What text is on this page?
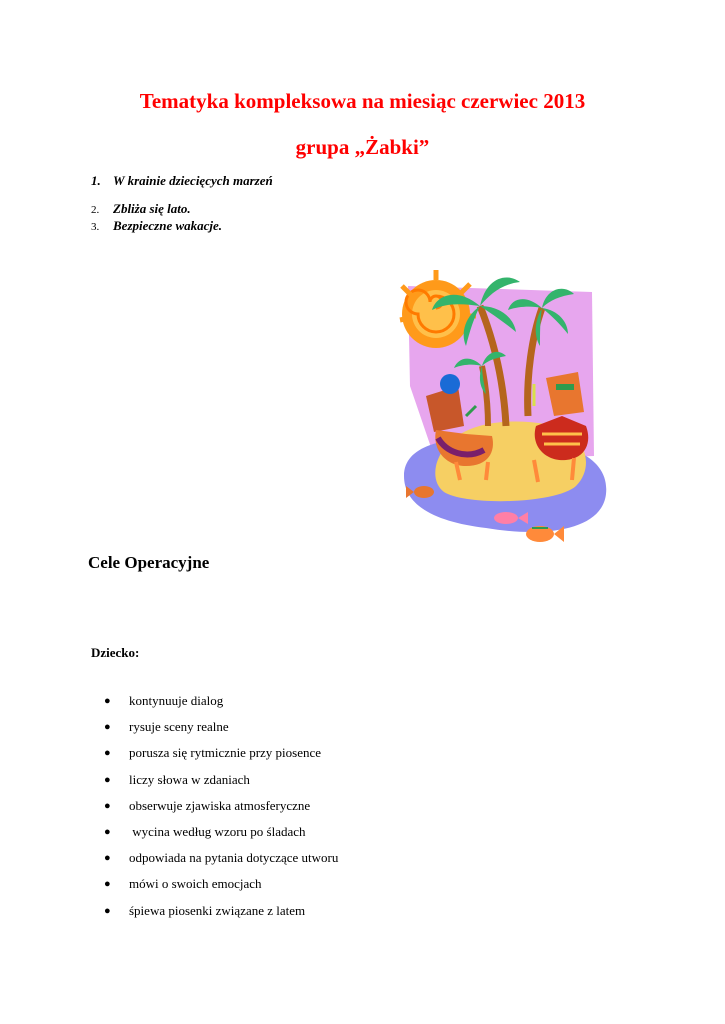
Tematyka kompleksowa na miesiąc czerwiec 2013
grupa „Żabki”

1. W krainie dziecięcych marzeń

2. Zbliża się lato.

3. Bezpieczne wakacje.

Cele Operacyjne

Dziecko:

● kontynuuje dialog
● rysuje sceny realne
● porusza się rytmicznie przy piosence
● liczy słowa w zdaniach
● obserwuje zjawiska atmosferyczne
● wycina według wzoru po śladach
● odpowiada na pytania dotyczące utworu
● mówi o swoich emocjach
● śpiewa piosenki związane z latem
